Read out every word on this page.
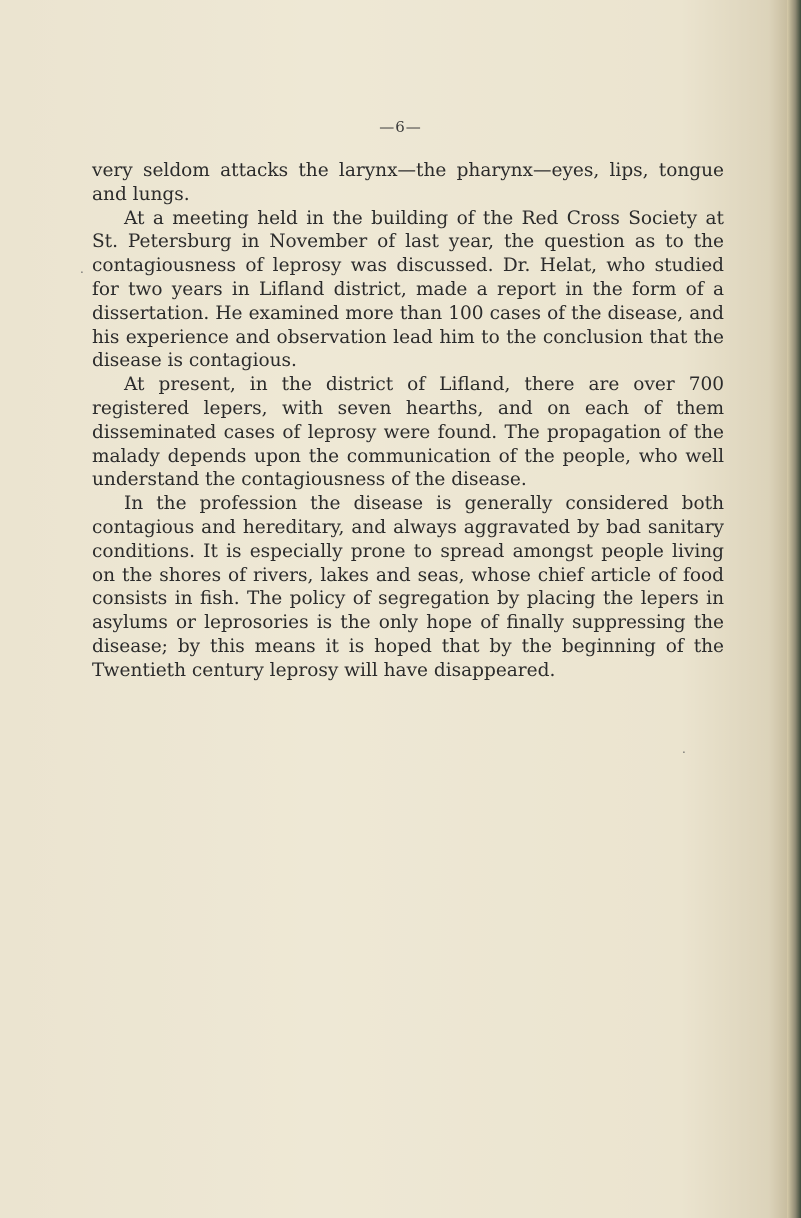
—6—

very seldom attacks the larynx—the pharynx—eyes, lips, tongue and lungs.

At a meeting held in the building of the Red Cross Society at St. Petersburg in November of last year, the question as to the contagiousness of leprosy was discussed. Dr. Helat, who studied for two years in Lifland district, made a report in the form of a dissertation. He examined more than 100 cases of the disease, and his experience and observation lead him to the conclusion that the disease is contagious.

At present, in the district of Lifland, there are over 700 registered lepers, with seven hearths, and on each of them disseminated cases of leprosy were found. The propagation of the malady depends upon the communication of the people, who well understand the contagiousness of the disease.

In the profession the disease is generally considered both contagious and hereditary, and always aggravated by bad sanitary conditions. It is especially prone to spread amongst people living on the shores of rivers, lakes and seas, whose chief article of food consists in fish. The policy of segregation by placing the lepers in asylums or leprosories is the only hope of finally suppressing the disease; by this means it is hoped that by the beginning of the Twentieth century leprosy will have disappeared.

.
.
